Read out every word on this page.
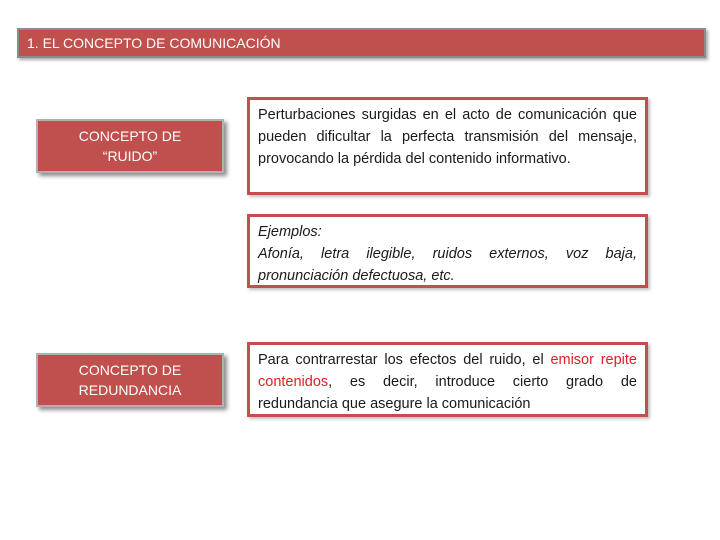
1. EL CONCEPTO DE COMUNICACIÓN
CONCEPTO DE
“RUIDO”
Perturbaciones surgidas en el acto de comunicación que pueden dificultar la perfecta transmisión del mensaje, provocando la pérdida del contenido informativo.
Ejemplos:
Afonía, letra ilegible, ruidos externos, voz baja, pronunciación defectuosa, etc.
CONCEPTO DE
REDUNDANCIA
Para contrarrestar los efectos del ruido, el emisor repite contenidos, es decir, introduce cierto grado de redundancia que asegure la comunicación
